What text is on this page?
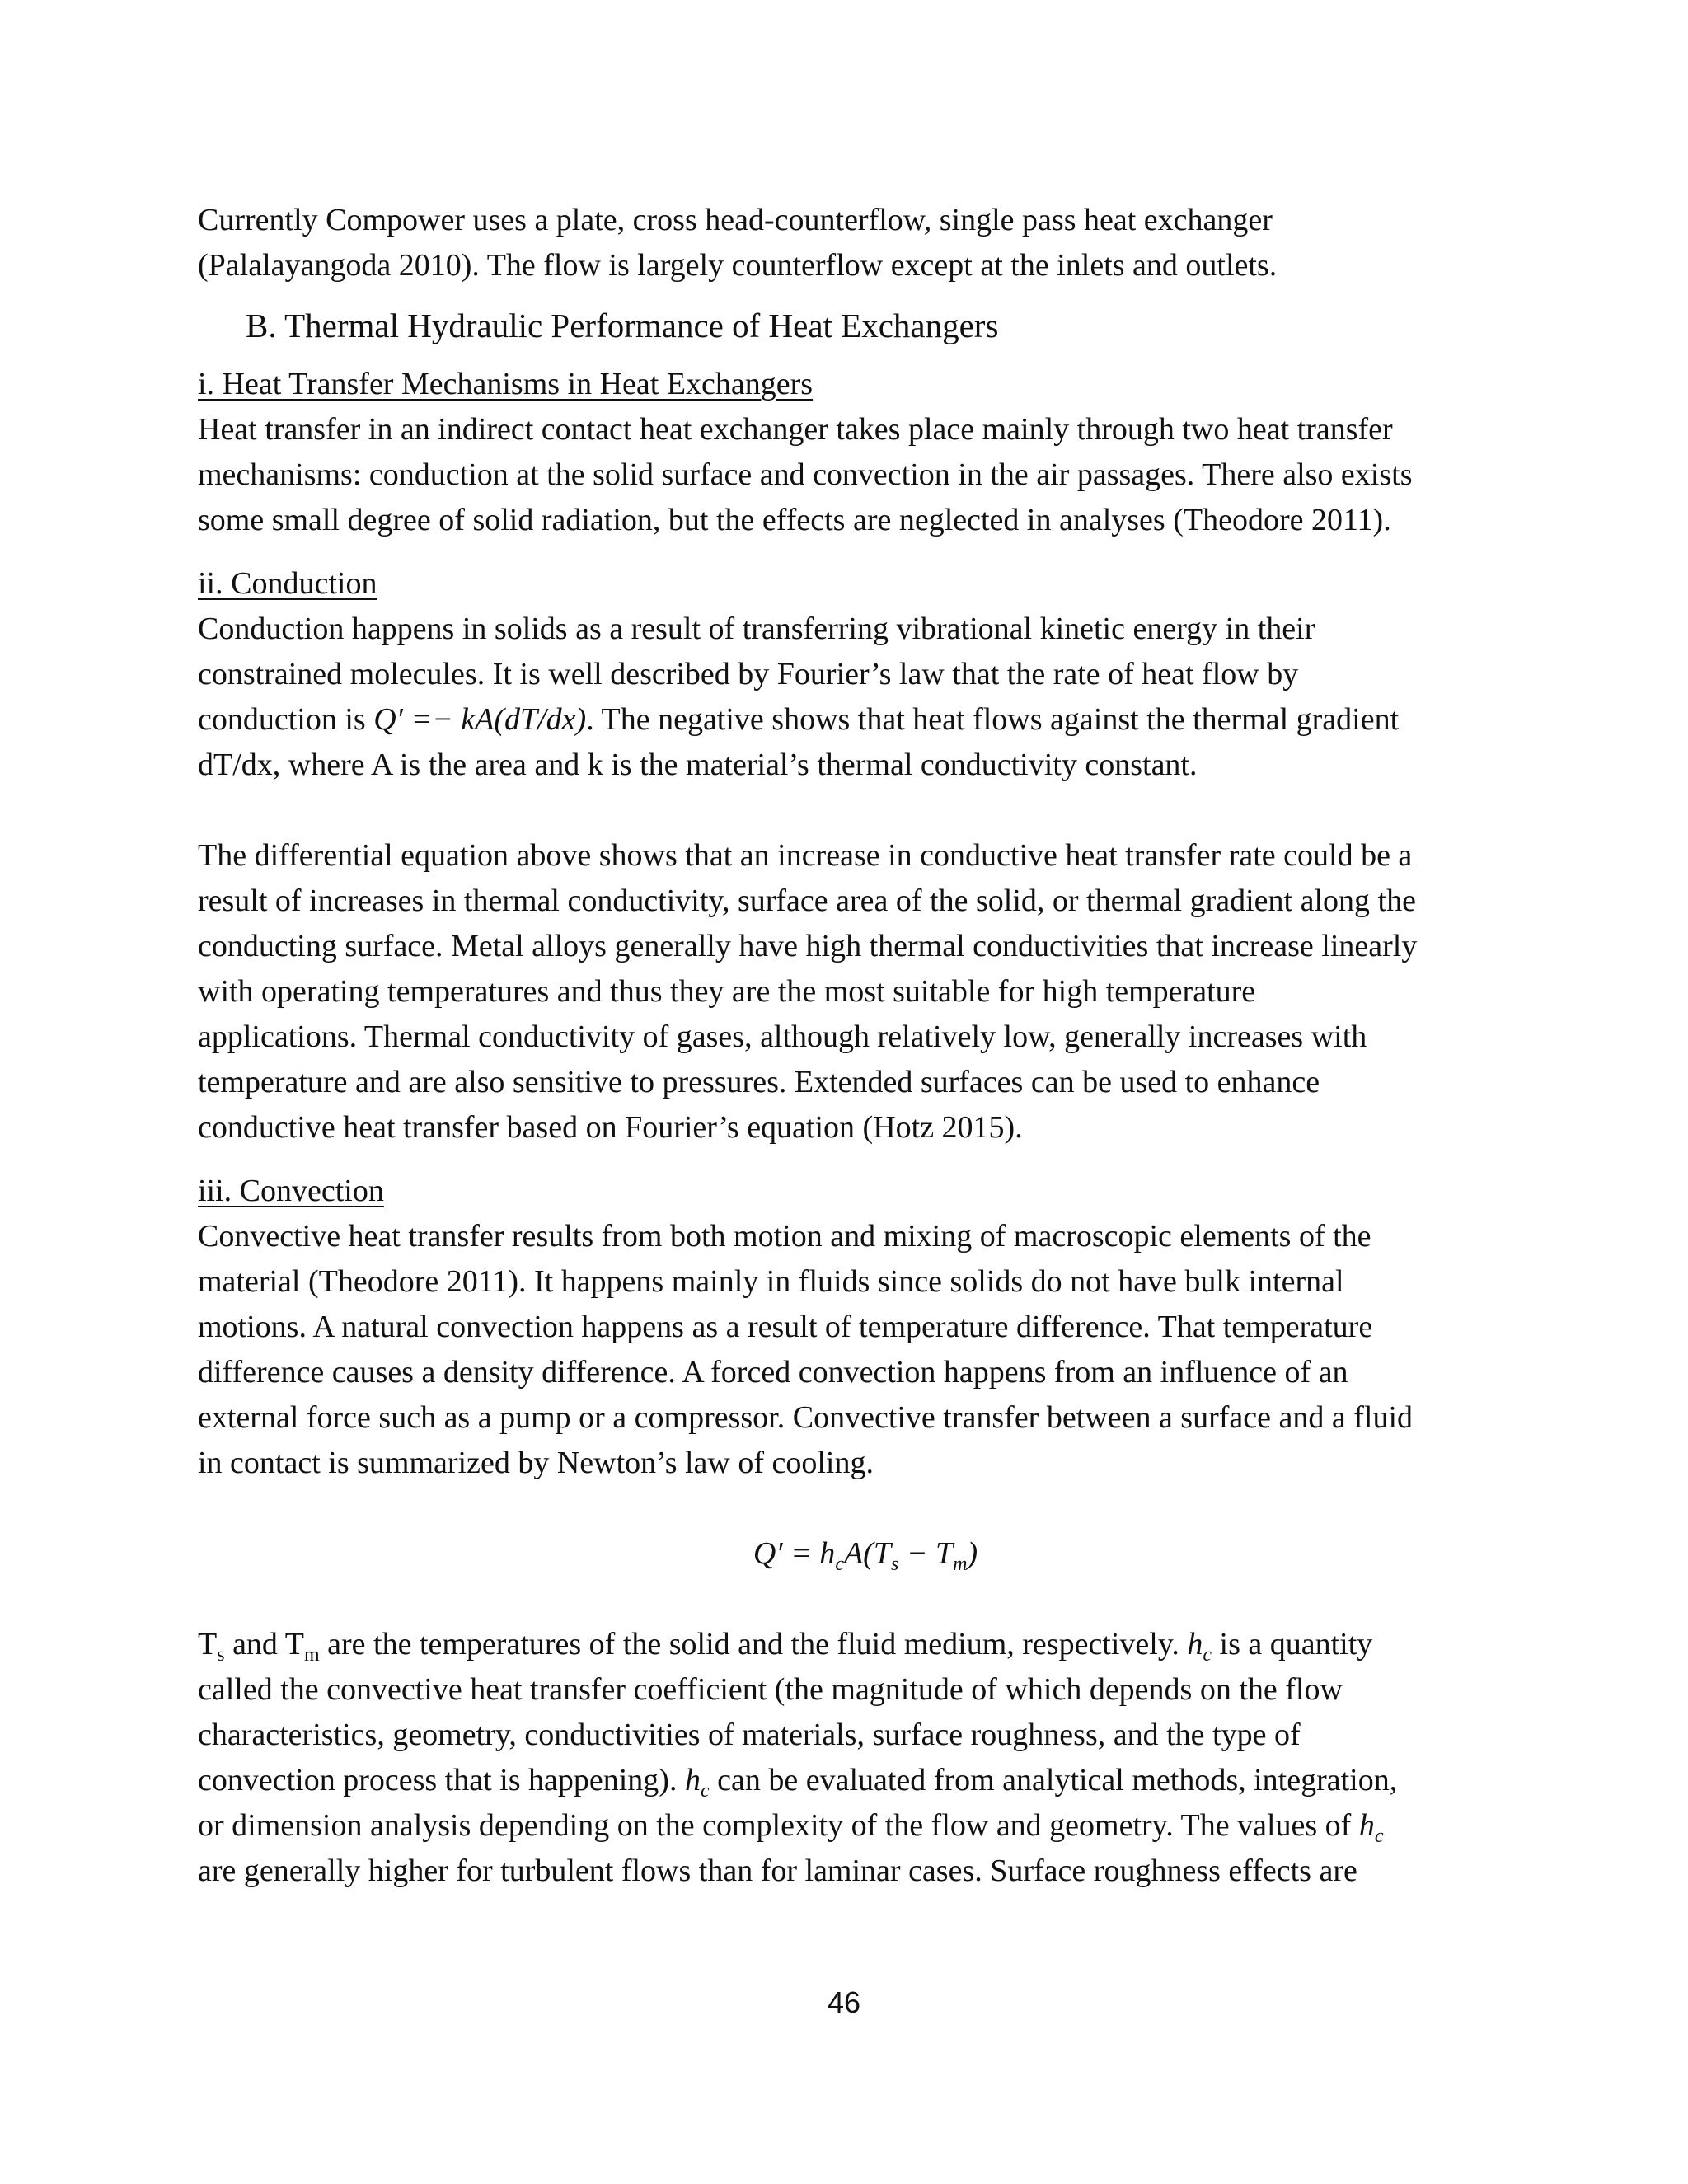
Currently Compower uses a plate, cross head-counterflow, single pass heat exchanger
(Palalayangoda 2010). The flow is largely counterflow except at the inlets and outlets.

B. Thermal Hydraulic Performance of Heat Exchangers
i. Heat Transfer Mechanisms in Heat Exchangers

Heat transfer in an indirect contact heat exchanger takes place mainly through two heat transfer
mechanisms: conduction at the solid surface and convection in the air passages. There also exists
some small degree of solid radiation, but the effects are neglected in analyses (Theodore 2011).

ii. Conduction

Conduction happens in solids as a result of transferring vibrational kinetic energy in their
constrained molecules. It is well described by Fourier’s law that the rate of heat flow by
conduction is Q′ =− kA(dT/dx). The negative shows that heat flows against the thermal gradient
dT/dx, where A is the area and k is the material’s thermal conductivity constant.

The differential equation above shows that an increase in conductive heat transfer rate could be a
result of increases in thermal conductivity, surface area of the solid, or thermal gradient along the
conducting surface. Metal alloys generally have high thermal conductivities that increase linearly
with operating temperatures and thus they are the most suitable for high temperature
applications. Thermal conductivity of gases, although relatively low, generally increases with
temperature and are also sensitive to pressures. Extended surfaces can be used to enhance
conductive heat transfer based on Fourier’s equation (Hotz 2015).

iii. Convection

Convective heat transfer results from both motion and mixing of macroscopic elements of the
material (Theodore 2011). It happens mainly in fluids since solids do not have bulk internal
motions. A natural convection happens as a result of temperature difference. That temperature
difference causes a density difference. A forced convection happens from an influence of an
external force such as a pump or a compressor. Convective transfer between a surface and a fluid
in contact is summarized by Newton’s law of cooling.

$Q' = h_cA(T_s - T_m)$

$T_s$ and $T_m$ are the temperatures of the solid and the fluid medium, respectively. $h_c$ is a quantity
called the convective heat transfer coefficient (the magnitude of which depends on the flow
characteristics, geometry, conductivities of materials, surface roughness, and the type of
convection process that is happening). $h_c$ can be evaluated from analytical methods, integration,
or dimension analysis depending on the complexity of the flow and geometry. The values of $h_c$
are generally higher for turbulent flows than for laminar cases. Surface roughness effects are

46
